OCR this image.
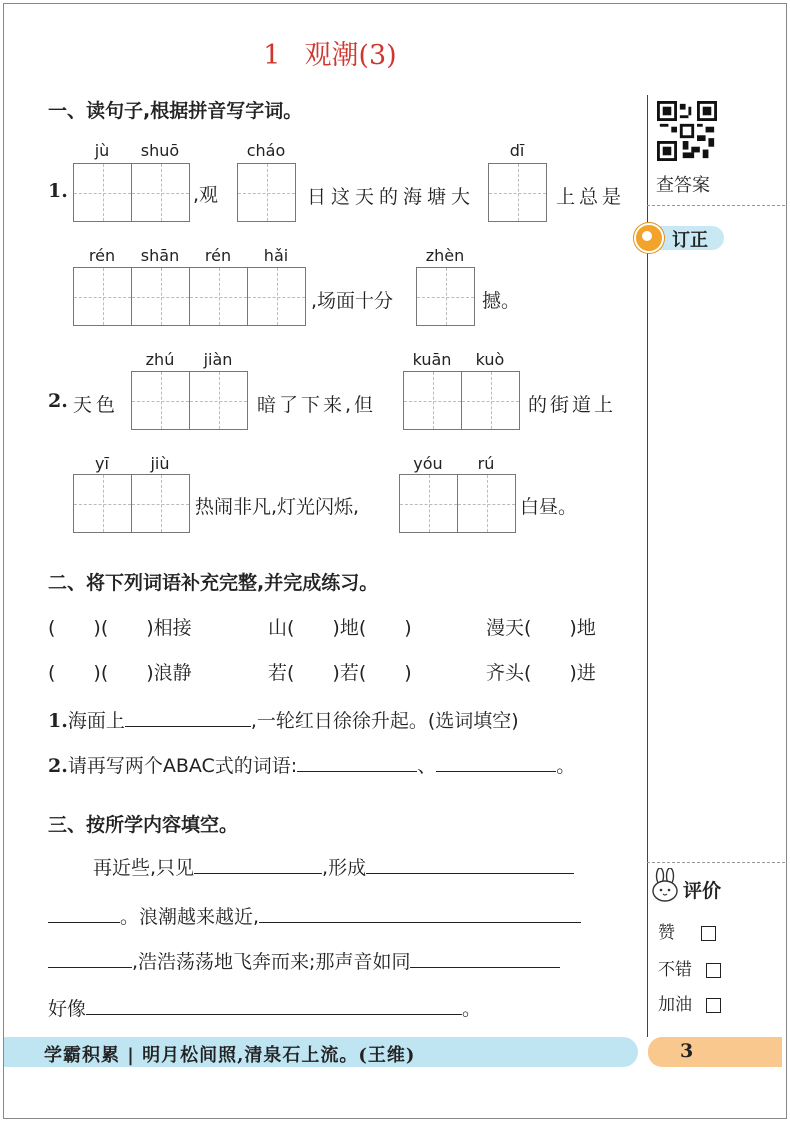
1 观潮(3)
查答案
订正
评价
赞
不错
加油
一、读句子,根据拼音写字词。
jù	shuō	cháo	dī
1.	,观	日这天的海塘大	上总是
rén	shān	rén	hǎi	zhèn
,场面十分	撼。
zhú	jiàn	kuān	kuò
2. 天色	暗了下来,但	的街道上
yī	jiù	yóu	rú
热闹非凡,灯光闪烁,	白昼。
二、将下列词语补充完整,并完成练习。
(　　)(　　)相接	山(　　)地(　　)	漫天(　　)地
(　　)(　　)浪静	若(　　)若(　　)	齐头(　　)进
1.海面上	,一轮红日徐徐升起。(选词填空)
2.请再写两个ABAC式的词语:	、	。
三、按所学内容填空。
再近些,只见	,形成
。浪潮越来越近,
,浩浩荡荡地飞奔而来;那声音如同
好像	。
学霸积累 | 明月松间照,清泉石上流。(王维)	3
